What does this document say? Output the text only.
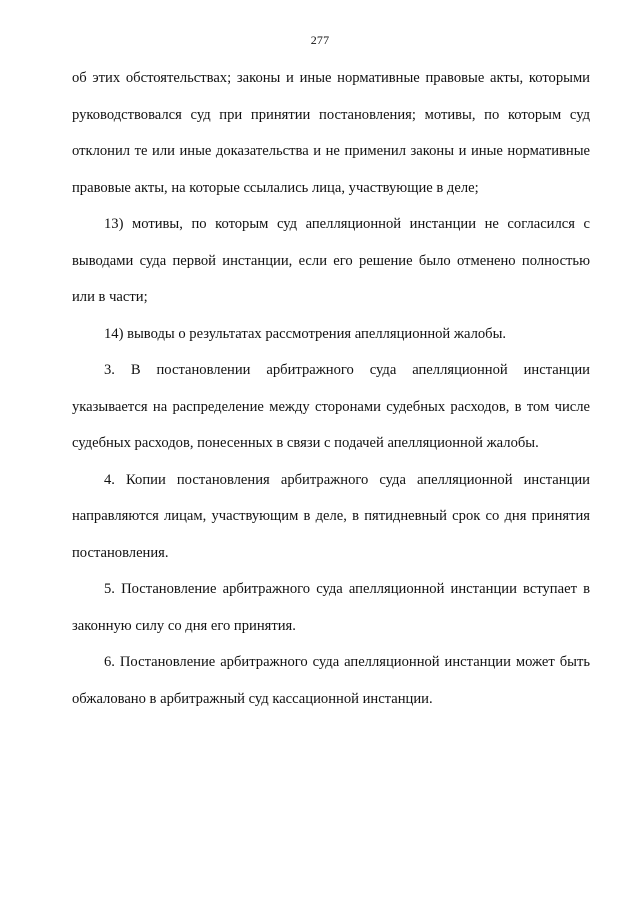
277

об этих обстоятельствах; законы и иные нормативные правовые акты, которыми руководствовался суд при принятии постановления; мотивы, по которым суд отклонил те или иные доказательства и не применил законы и иные нормативные правовые акты, на которые ссылались лица, участвующие в деле;

13) мотивы, по которым суд апелляционной инстанции не согласился с выводами суда первой инстанции, если его решение было отменено полностью или в части;

14) выводы о результатах рассмотрения апелляционной жалобы.

3. В постановлении арбитражного суда апелляционной инстанции указывается на распределение между сторонами судебных расходов, в том числе судебных расходов, понесенных в связи с подачей апелляционной жалобы.

4. Копии постановления арбитражного суда апелляционной инстанции направляются лицам, участвующим в деле, в пятидневный срок со дня принятия постановления.

5. Постановление арбитражного суда апелляционной инстанции вступает в законную силу со дня его принятия.

6. Постановление арбитражного суда апелляционной инстанции может быть обжаловано в арбитражный суд кассационной инстанции.
